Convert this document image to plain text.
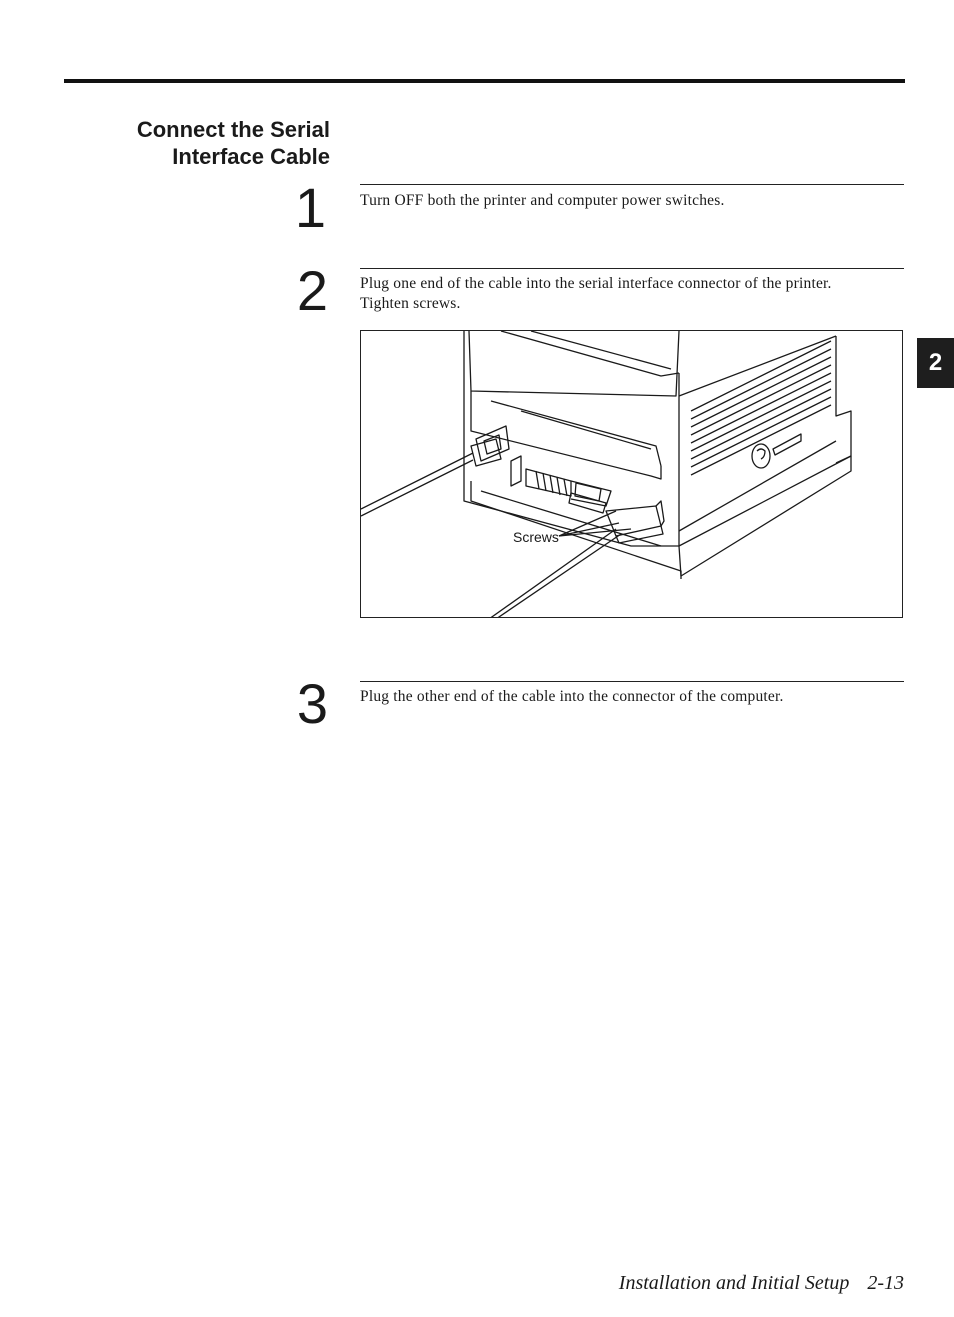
Connect the Serial
Interface Cable
1 Turn OFF both the printer and computer power switches.
2 Plug one end of the cable into the serial interface connector of the printer.
Tighten screws.
Screws
3 Plug the other end of the cable into the connector of the computer.
2
Installation and Initial Setup 2-13
